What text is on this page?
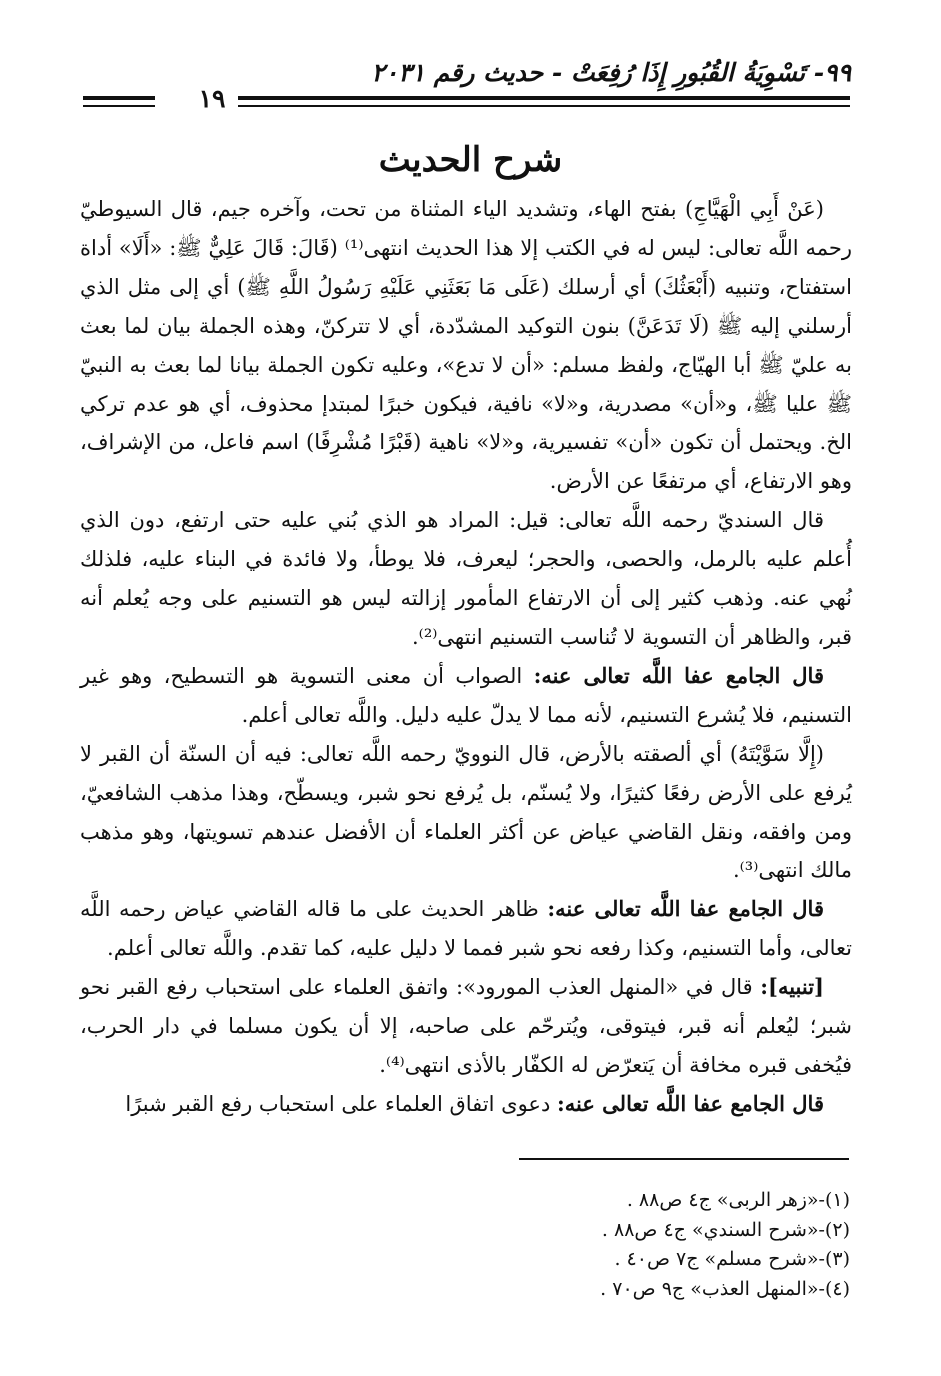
٩٩- تَسْوِيَةُ القُبُورِ إِذَا رُفِعَتْ - حديث رقم ٢٠٣١
١٩
شرح الحديث

(عَنْ أَبِي الْهَيَّاجِ) بفتح الهاء، وتشديد الياء المثناة من تحت، وآخره جيم، قال السيوطيّ رحمه اللَّه تعالى: ليس له في الكتب إلا هذا الحديث انتهى⁽¹⁾ (قَالَ: قَالَ عَلِيٌّ ﷺ: «أَلَا» أداة استفتاح، وتنبيه (أَبْعَثُكَ) أي أرسلك (عَلَى مَا بَعَثَنِي عَلَيْهِ رَسُولُ اللَّهِ ﷺ) أي إلى مثل الذي أرسلني إليه ﷺ (لَا تَدَعَنَّ) بنون التوكيد المشدّدة، أي لا تتركنّ، وهذه الجملة بيان لما بعث به عليّ ﷺ أبا الهيّاج، ولفظ مسلم: «أن لا تدع»، وعليه تكون الجملة بيانا لما بعث به النبيّ ﷺ عليا ﷺ، و«أن» مصدرية، و«لا» نافية، فيكون خبرًا لمبتدإ محذوف، أي هو عدم تركي الخ. ويحتمل أن تكون «أن» تفسيرية، و«لا» ناهية (قَبْرًا مُشْرِفًا) اسم فاعل، من الإشراف، وهو الارتفاع، أي مرتفعًا عن الأرض.

قال السنديّ رحمه اللَّه تعالى: قيل: المراد هو الذي بُني عليه حتى ارتفع، دون الذي أُعلم عليه بالرمل، والحصى، والحجر؛ ليعرف، فلا يوطأ، ولا فائدة في البناء عليه، فلذلك نُهي عنه. وذهب كثير إلى أن الارتفاع المأمور إزالته ليس هو التسنيم على وجه يُعلم أنه قبر، والظاهر أن التسوية لا تُناسب التسنيم انتهى⁽²⁾.

قال الجامع عفا اللَّه تعالى عنه: الصواب أن معنى التسوية هو التسطيح، وهو غير التسنيم، فلا يُشرع التسنيم، لأنه مما لا يدلّ عليه دليل. واللَّه تعالى أعلم.

(إِلَّا سَوَّيْتَهُ) أي ألصقته بالأرض، قال النوويّ رحمه اللَّه تعالى: فيه أن السنّة أن القبر لا يُرفع على الأرض رفعًا كثيرًا، ولا يُسنّم، بل يُرفع نحو شبر، ويسطّح، وهذا مذهب الشافعيّ، ومن وافقه، ونقل القاضي عياض عن أكثر العلماء أن الأفضل عندهم تسويتها، وهو مذهب مالك انتهى⁽³⁾.

قال الجامع عفا اللَّه تعالى عنه: ظاهر الحديث على ما قاله القاضي عياض رحمه اللَّه تعالى، وأما التسنيم، وكذا رفعه نحو شبر فمما لا دليل عليه، كما تقدم. واللَّه تعالى أعلم.

[تنبيه]: قال في «المنهل العذب المورود»: واتفق العلماء على استحباب رفع القبر نحو شبر؛ ليُعلم أنه قبر، فيتوقى، ويُترحّم على صاحبه، إلا أن يكون مسلما في دار الحرب، فيُخفى قبره مخافة أن يَتعرّض له الكفّار بالأذى انتهى⁽⁴⁾.

قال الجامع عفا اللَّه تعالى عنه: دعوى اتفاق العلماء على استحباب رفع القبر شبرًا

(١)-«زهر الربى» ج٤ ص٨٨ .

(٢)-«شرح السندي» ج٤ ص٨٨ .

(٣)-«شرح مسلم» ج٧ ص٤٠ .

(٤)-«المنهل العذب» ج٩ ص٧٠ .
